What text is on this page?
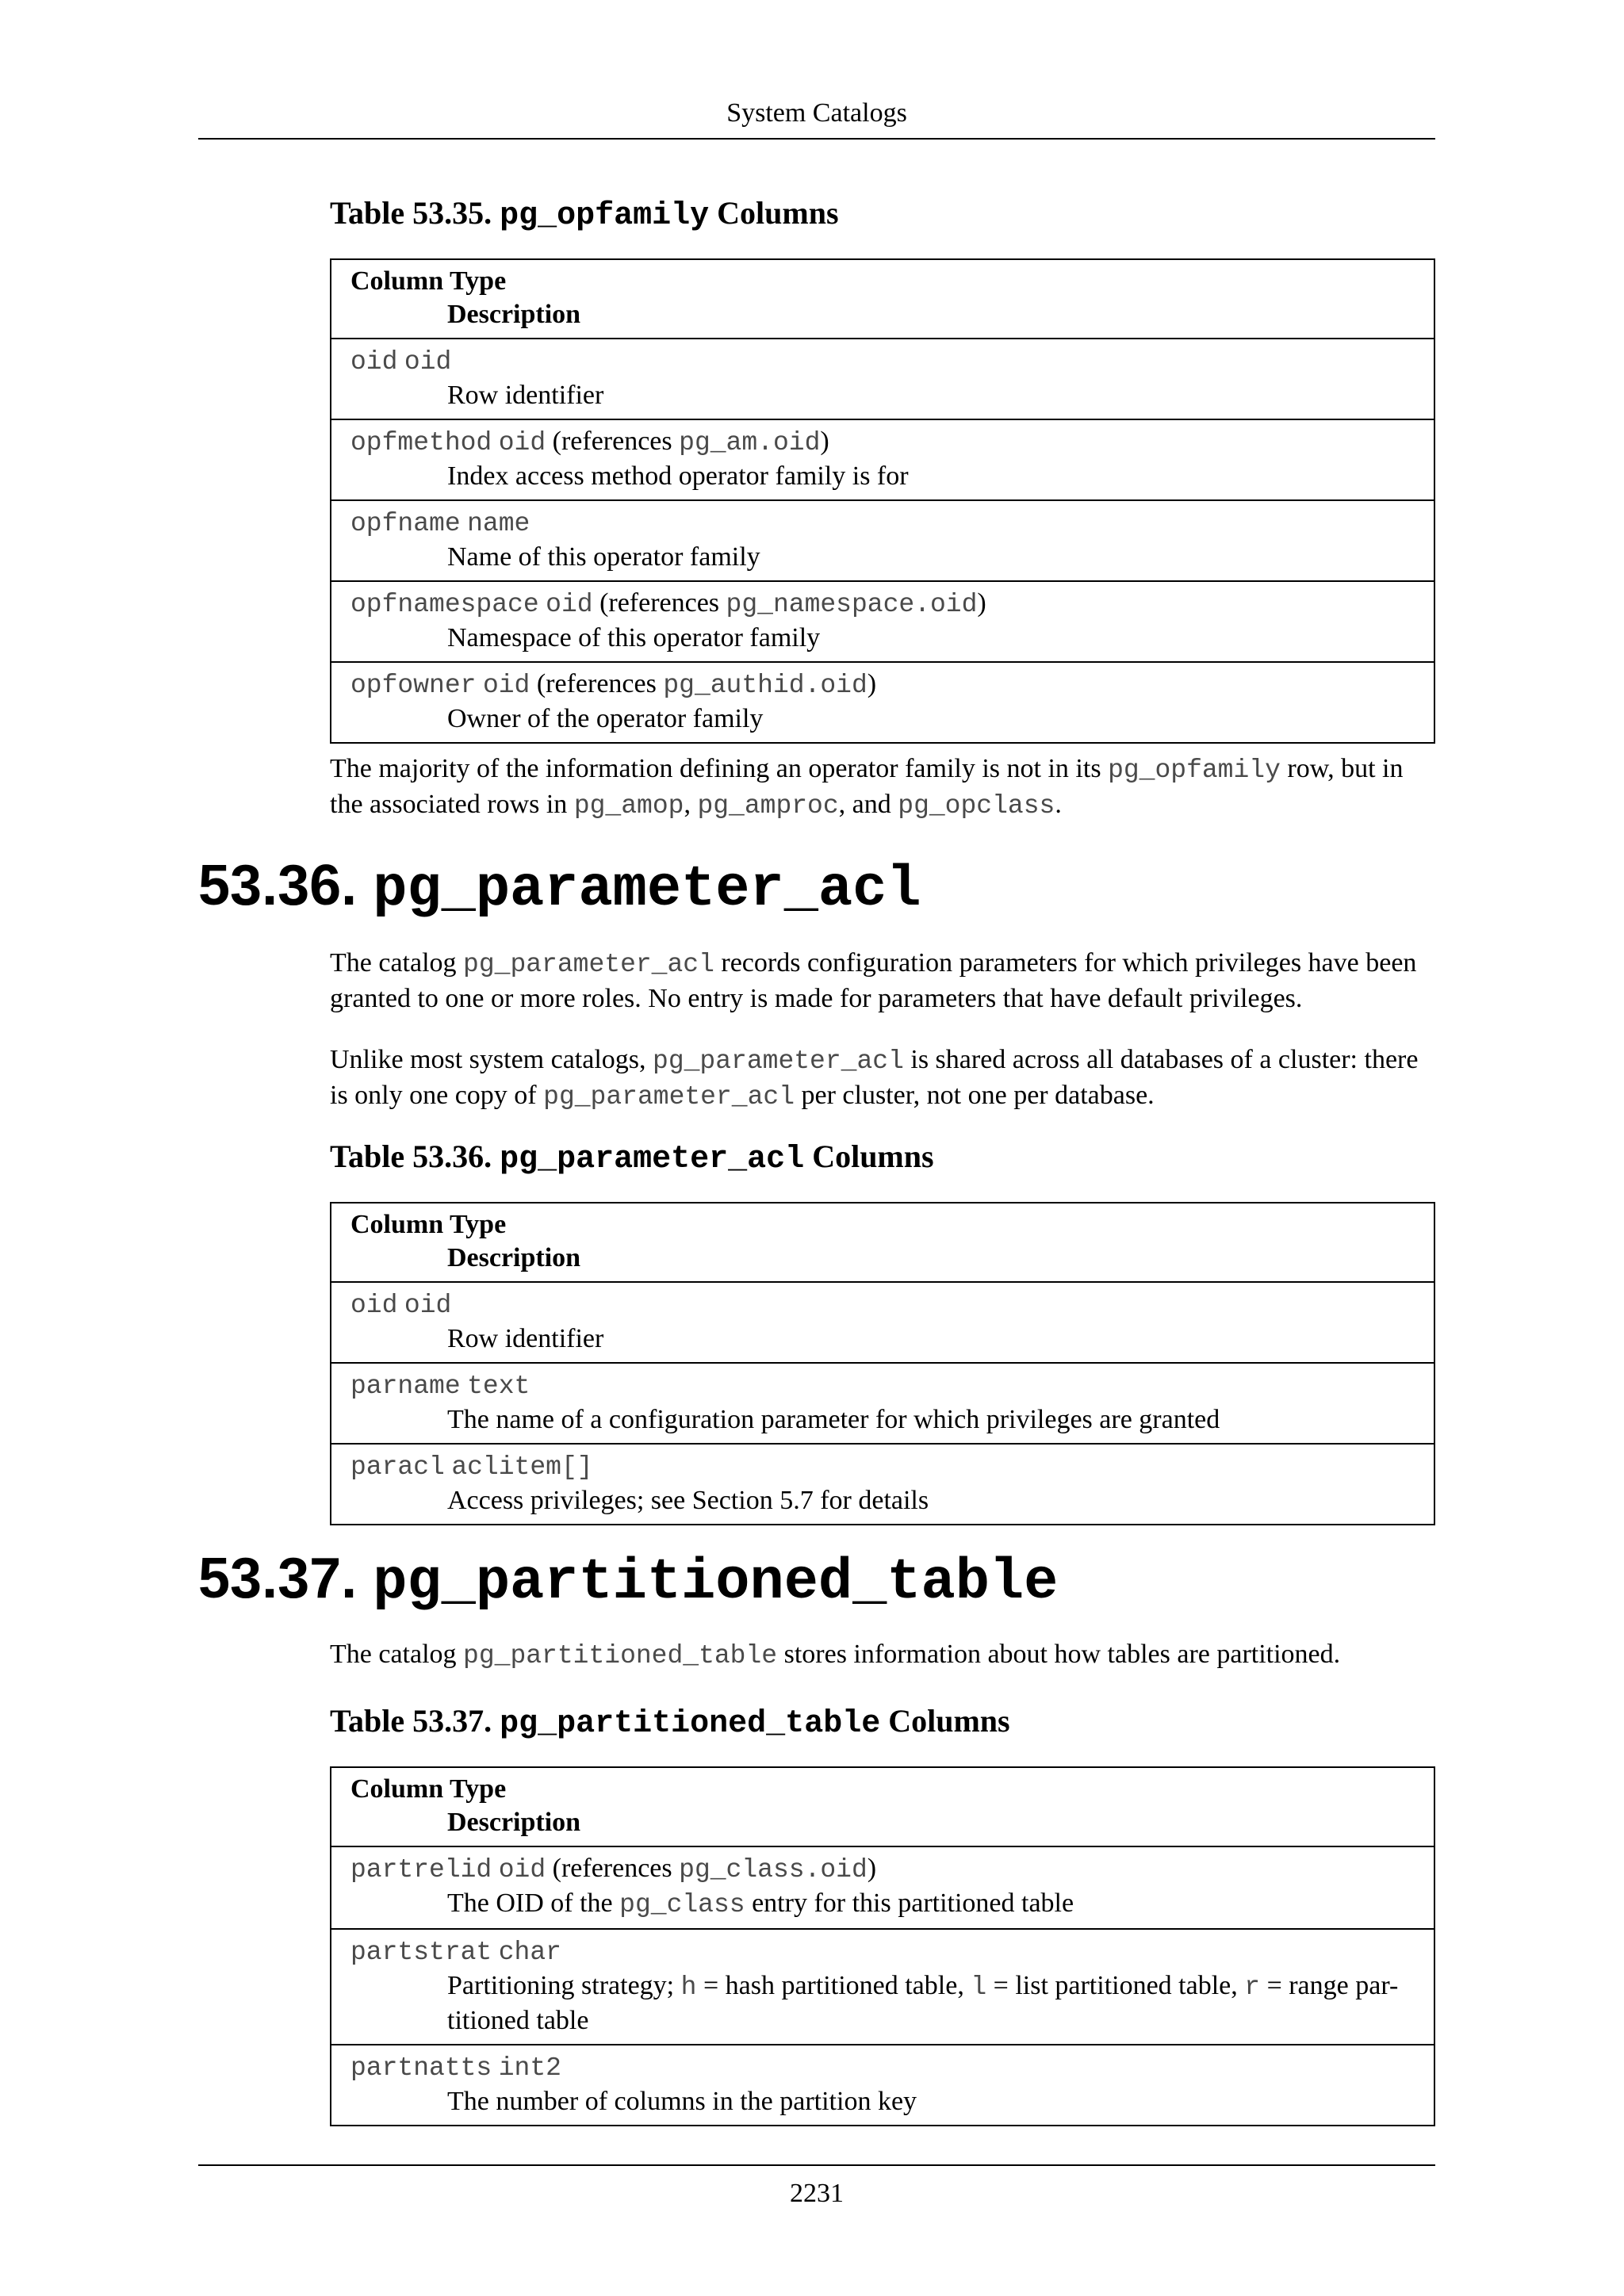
System Catalogs

Table 53.35. pg_opfamily Columns

Column Type
Description

oid oid
Row identifier

opfmethod oid (references pg_am.oid)
Index access method operator family is for

opfname name
Name of this operator family

opfnamespace oid (references pg_namespace.oid)
Namespace of this operator family

opfowner oid (references pg_authid.oid)
Owner of the operator family

The majority of the information defining an operator family is not in its pg_opfamily row, but in the associated rows in pg_amop, pg_amproc, and pg_opclass.

53.36. pg_parameter_acl

The catalog pg_parameter_acl records configuration parameters for which privileges have been granted to one or more roles. No entry is made for parameters that have default privileges.

Unlike most system catalogs, pg_parameter_acl is shared across all databases of a cluster: there is only one copy of pg_parameter_acl per cluster, not one per database.

Table 53.36. pg_parameter_acl Columns

Column Type
Description

oid oid
Row identifier

parname text
The name of a configuration parameter for which privileges are granted

paracl aclitem[]
Access privileges; see Section 5.7 for details
53.37. pg_partitioned_table

The catalog pg_partitioned_table stores information about how tables are partitioned.

Table 53.37. pg_partitioned_table Columns

Column Type
Description

partrelid oid (references pg_class.oid)
The OID of the pg_class entry for this partitioned table

partstrat char
Partitioning strategy; h = hash partitioned table, l = list partitioned table, r = range par-
titioned table

partnatts int2
The number of columns in the partition key
2231
